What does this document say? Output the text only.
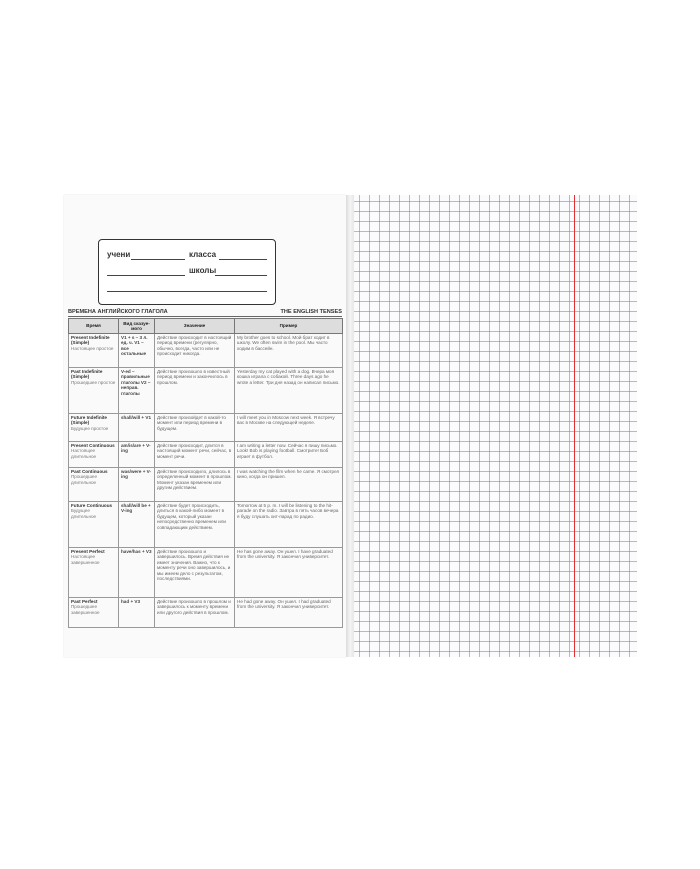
учени	класса
школы
ВРЕМЕНА АНГЛИЙСКОГО ГЛАГОЛА	THE ENGLISH TENSES
Время	Вид сказуе-мого	Значение	Пример

Present Indefinite (Simple)
Настоящее простое	V1 + s – 3 л. ед. ч. V1 – все остальные	Действие происходит в настоящий период времени (регулярно, обычно, всегда, часто или не происходит никогда.	My brother goes to school. Мой брат ходит в школу. We often swim in the pool. Мы часто ходим в бассейн.

Past Indefinite (Simple)
Прошедшее простое	V-ed – правильные глаголы V2 – неправ. глаголы	Действие произошло в известный период времени и закончилось в прошлом.	Yesterday my cat played with a dog. Вчера моя кошка играла с собакой. Three days ago he wrote a letter. Три дня назад он написал письмо.

Future Indefinite (Simple)
Будущее простое	shall/will + V1	Действие произойдет в какой-то момент или период времени в будущем.	I will meet you in Moscow next week. Я встречу вас в Москве на следующей неделе.

Present Continuous
Настоящее длительное	am/is/are + V-ing	Действие происходит, длится в настоящий момент речи, сейчас, в момент речи.	I am writing a letter now. Сейчас я пишу письмо. Look! Bob is playing football. Смотрите! Боб играет в футбол.

Past Continuous
Прошедшее длительное	was/were + V-ing	Действие происходило, длилось в определенный момент в прошлом. Момент указан временем или другим действием.	I was watching the film when he came. Я смотрел кино, когда он пришел.

Future Continuous
Будущее длительное	shall/will be + V-ing	Действие будет происходить, длиться в какой-либо момент в будущем, который указан непосредственно временем или совпадающим действием.	Tomorrow at 5 p. m. I will be listening to the hit-parade on the radio. Завтра в пять часов вечера я буду слушать хит-парад по радио.

Present Perfect
Настоящее завершенное	have/has + V3	Действие произошло и завершилось. Время действия не имеет значения. Важно, что к моменту речи оно завершилось, и мы имеем дело с результатом, последствиями.	He has gone away. Он ушел. I have graduated from the university. Я закончил университет.

Past Perfect
Прошедшее завершенное	had + V3	Действие произошло в прошлом и завершилось к моменту времени или другого действия в прошлом.	He had gone away. Он ушел. I had graduated from the university. Я закончил университет.
